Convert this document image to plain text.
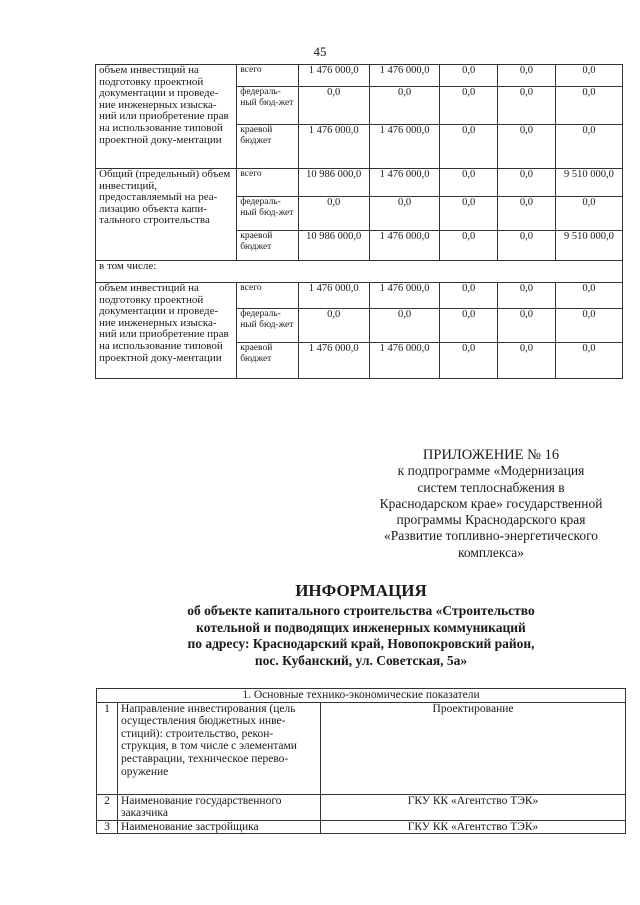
45
объем инвестиций на подготовку проектной документации и проведе-ние инженерных изыска-ний или приобретение прав на использование типовой проектной доку-ментации	всего	1 476 000,0	1 476 000,0	0,0	0,0	0,0
	федераль-ный бюд-жет	0,0	0,0	0,0	0,0	0,0
	краевой бюджет	1 476 000,0	1 476 000,0	0,0	0,0	0,0
Общий (предельный) объем инвестиций, предоставляемый на реа-лизацию объекта капи-тального строительства	всего	10 986 000,0	1 476 000,0	0,0	0,0	9 510 000,0
	федераль-ный бюд-жет	0,0	0,0	0,0	0,0	0,0
	краевой бюджет	10 986 000,0	1 476 000,0	0,0	0,0	9 510 000,0
в том числе:						
объем инвестиций на подготовку проектной документации и проведе-ние инженерных изыска-ний или приобретение прав на использование типовой проектной доку-ментации	всего	1 476 000,0	1 476 000,0	0,0	0,0	0,0
	федераль-ный бюд-жет	0,0	0,0	0,0	0,0	0,0
	краевой бюджет	1 476 000,0	1 476 000,0	0,0	0,0	0,0
ПРИЛОЖЕНИЕ № 16
к подпрограмме «Модернизация
систем теплоснабжения в
Краснодарском крае» государственной
программы Краснодарского края
«Развитие топливно-энергетического
комплекса»
ИНФОРМАЦИЯ
об объекте капитального строительства «Строительство
котельной и подводящих инженерных коммуникаций
по адресу: Краснодарский край, Новопокровский район,
пос. Кубанский, ул. Советская, 5а»
1. Основные технико-экономические показатели		
1	Направление инвестирования (цель осуществления бюджетных инве-стиций): строительство, рекон-струкция, в том числе с элементами реставрации, техническое перево-оружение	Проектирование
2	Наименование государственного заказчика	ГКУ КК «Агентство ТЭК»
3	Наименование застройщика	ГКУ КК «Агентство ТЭК»
